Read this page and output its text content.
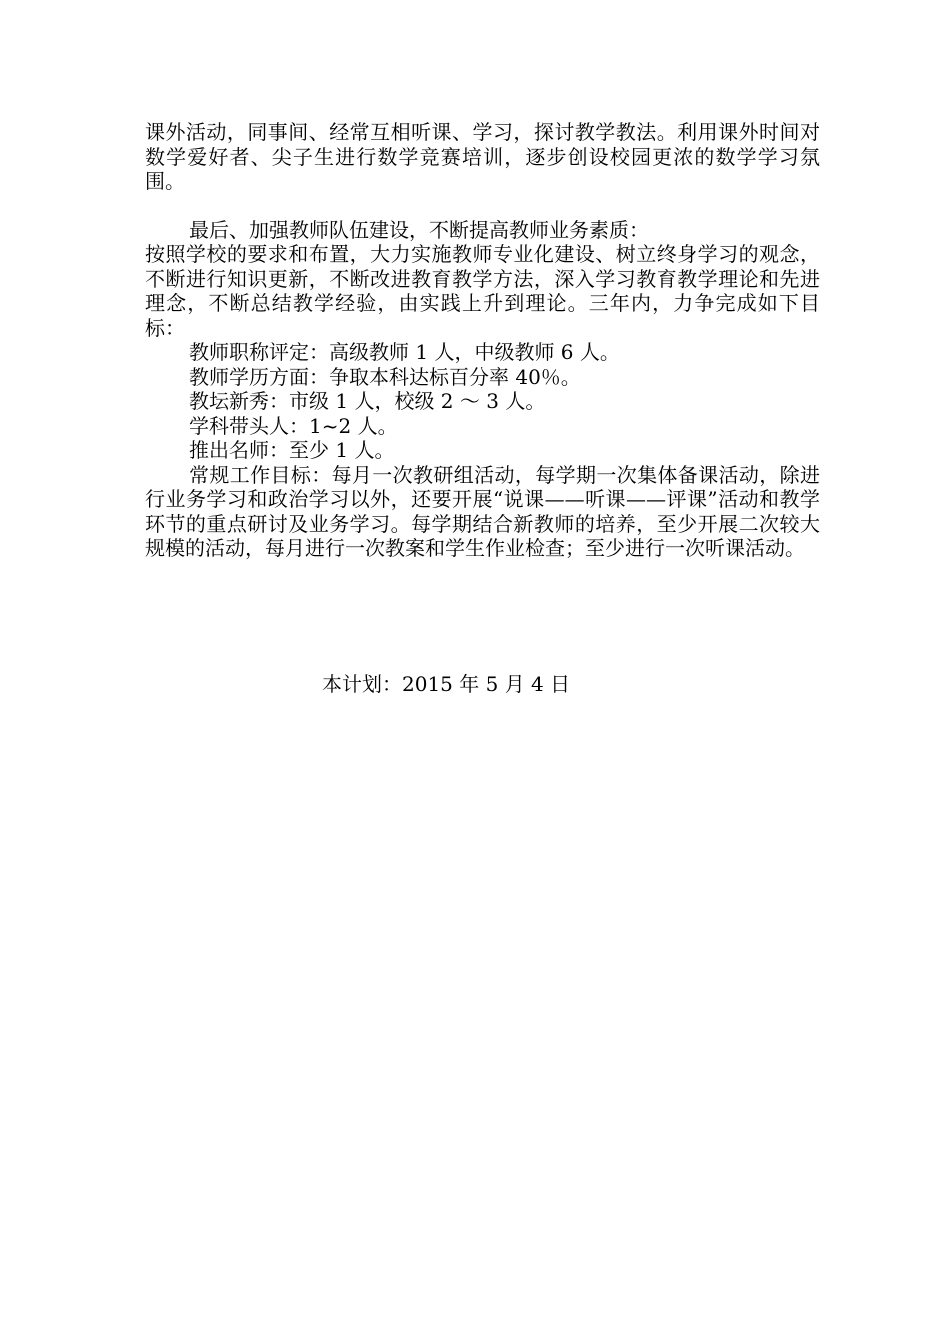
课外活动，同事间、经常互相听课、学习，探讨教学教法。利用课外时间对数学爱好者、尖子生进行数学竞赛培训，逐步创设校园更浓的数学学习氛围。

最后、加强教师队伍建设，不断提高教师业务素质：

按照学校的要求和布置，大力实施教师专业化建设、树立终身学习的观念，不断进行知识更新，不断改进教育教学方法，深入学习教育教学理论和先进理念，不断总结教学经验，由实践上升到理论。三年内，力争完成如下目标：

教师职称评定：高级教师 1 人，中级教师 6 人。

教师学历方面：争取本科达标百分率 40％。

教坛新秀：市级 1 人，校级 2 ～ 3 人。

学科带头人：1~2 人。

推出名师：至少 1 人。

常规工作目标：每月一次教研组活动，每学期一次集体备课活动，除进行业务学习和政治学习以外，还要开展“说课——听课——评课”活动和教学环节的重点研讨及业务学习。每学期结合新教师的培养，至少开展二次较大规模的活动，每月进行一次教案和学生作业检查；至少进行一次听课活动。

本计划：2015 年 5 月 4 日
